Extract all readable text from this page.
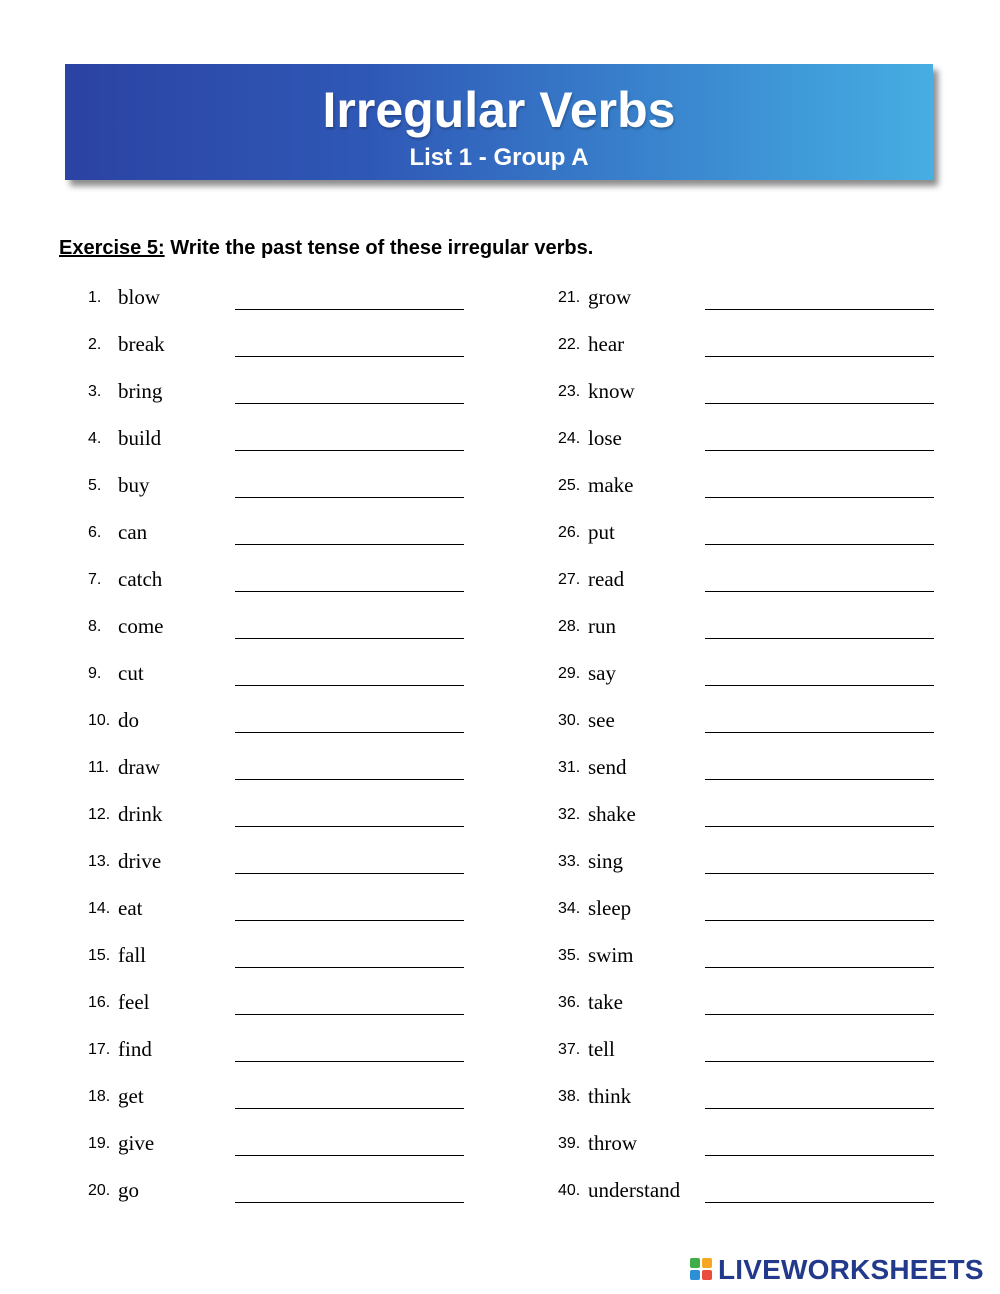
Irregular Verbs
List 1 - Group A
Exercise 5: Write the past tense of these irregular verbs.
1. blow
2. break
3. bring
4. build
5. buy
6. can
7. catch
8. come
9. cut
10. do
11. draw
12. drink
13. drive
14. eat
15. fall
16. feel
17. find
18. get
19. give
20. go
21. grow
22. hear
23. know
24. lose
25. make
26. put
27. read
28. run
29. say
30. see
31. send
32. shake
33. sing
34. sleep
35. swim
36. take
37. tell
38. think
39. throw
40. understand
LIVEWORKSHEETS
